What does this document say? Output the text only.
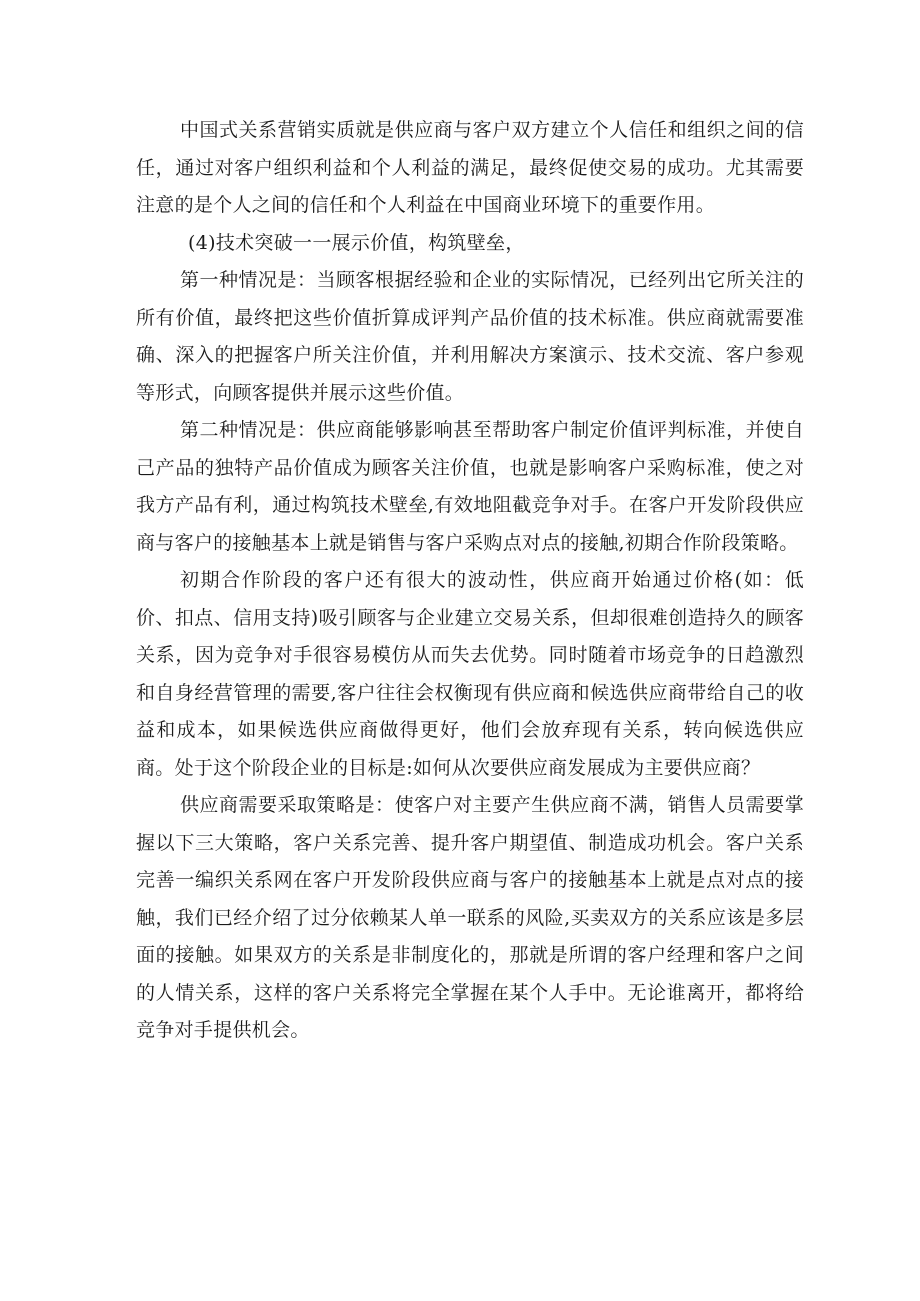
中国式关系营销实质就是供应商与客户双方建立个人信任和组织之间的信任，通过对客户组织利益和个人利益的满足，最终促使交易的成功。尤其需要注意的是个人之间的信任和个人利益在中国商业环境下的重要作用。

(4)技术突破一一展示价值，构筑壁垒，

第一种情况是：当顾客根据经验和企业的实际情况，已经列出它所关注的所有价值，最终把这些价值折算成评判产品价值的技术标准。供应商就需要准确、深入的把握客户所关注价值，并利用解决方案演示、技术交流、客户参观等形式，向顾客提供并展示这些价值。

第二种情况是：供应商能够影响甚至帮助客户制定价值评判标准，并使自己产品的独特产品价值成为顾客关注价值，也就是影响客户采购标准，使之对我方产品有利，通过构筑技术壁垒,有效地阻截竞争对手。在客户开发阶段供应商与客户的接触基本上就是销售与客户采购点对点的接触,初期合作阶段策略。

初期合作阶段的客户还有很大的波动性，供应商开始通过价格(如：低价、扣点、信用支持)吸引顾客与企业建立交易关系，但却很难创造持久的顾客关系，因为竞争对手很容易模仿从而失去优势。同时随着市场竞争的日趋激烈和自身经营管理的需要,客户往往会权衡现有供应商和候选供应商带给自己的收益和成本，如果候选供应商做得更好，他们会放弃现有关系，转向候选供应商。处于这个阶段企业的目标是:如何从次要供应商发展成为主要供应商？

供应商需要采取策略是：使客户对主要产生供应商不满，销售人员需要掌握以下三大策略，客户关系完善、提升客户期望值、制造成功机会。客户关系完善一编织关系网在客户开发阶段供应商与客户的接触基本上就是点对点的接触，我们已经介绍了过分依赖某人单一联系的风险,买卖双方的关系应该是多层面的接触。如果双方的关系是非制度化的，那就是所谓的客户经理和客户之间的人情关系，这样的客户关系将完全掌握在某个人手中。无论谁离开，都将给竞争对手提供机会。
